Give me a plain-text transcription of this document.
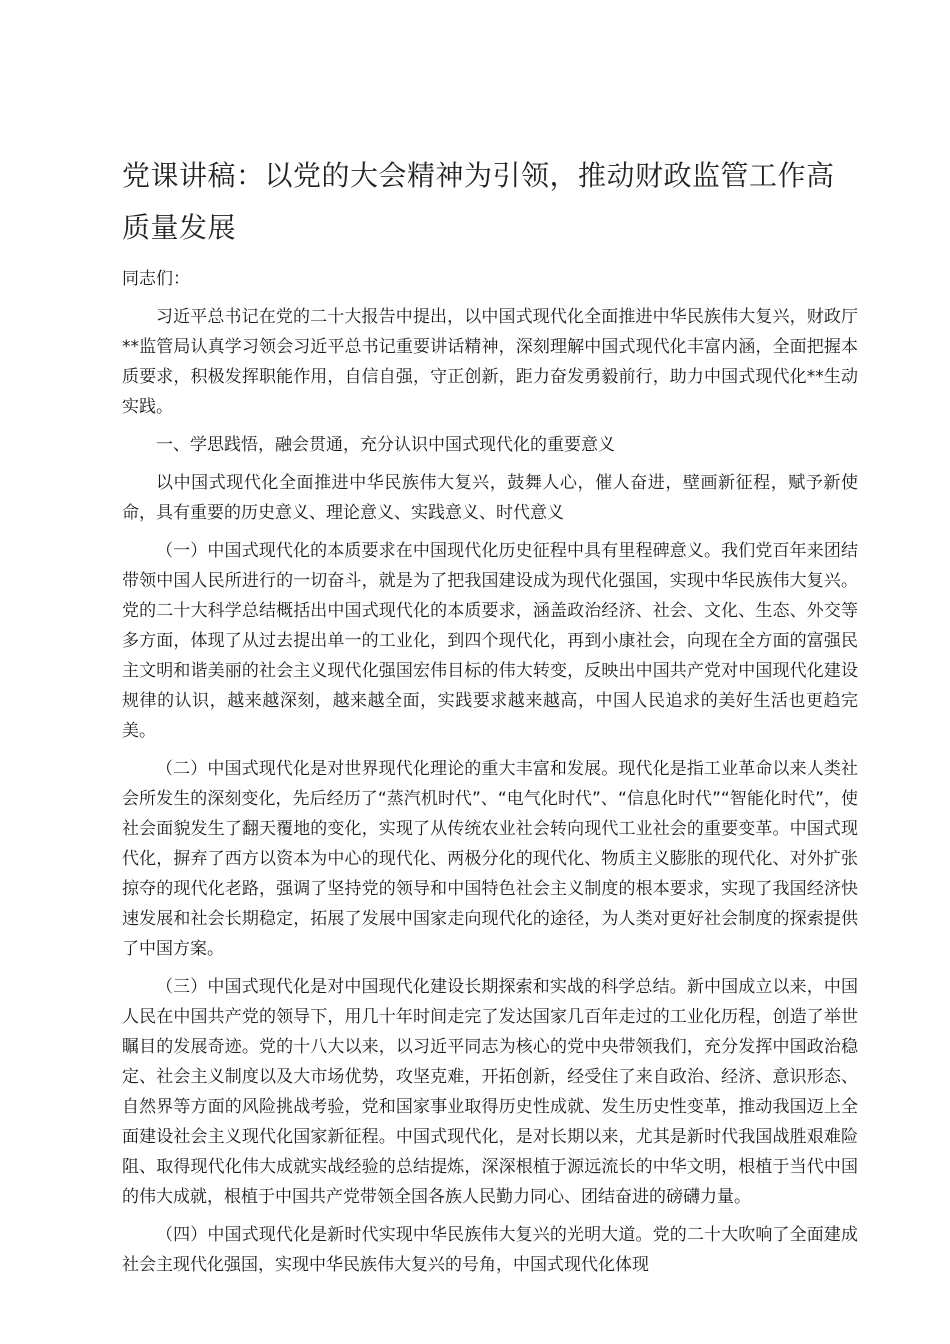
党课讲稿：以党的大会精神为引领，推动财政监管工作高质量发展

同志们：

习近平总书记在党的二十大报告中提出，以中国式现代化全面推进中华民族伟大复兴，财政厅**监管局认真学习领会习近平总书记重要讲话精神，深刻理解中国式现代化丰富内涵，全面把握本质要求，积极发挥职能作用，自信自强，守正创新，距力奋发勇毅前行，助力中国式现代化**生动实践。

一、学思践悟，融会贯通，充分认识中国式现代化的重要意义

以中国式现代化全面推进中华民族伟大复兴，鼓舞人心，催人奋进，壁画新征程，赋予新使命，具有重要的历史意义、理论意义、实践意义、时代意义

（一）中国式现代化的本质要求在中国现代化历史征程中具有里程碑意义。我们党百年来团结带领中国人民所进行的一切奋斗，就是为了把我国建设成为现代化强国，实现中华民族伟大复兴。党的二十大科学总结概括出中国式现代化的本质要求，涵盖政治经济、社会、文化、生态、外交等多方面，体现了从过去提出单一的工业化，到四个现代化，再到小康社会，向现在全方面的富强民主文明和谐美丽的社会主义现代化强国宏伟目标的伟大转变，反映出中国共产党对中国现代化建设规律的认识，越来越深刻，越来越全面，实践要求越来越高，中国人民追求的美好生活也更趋完美。

（二）中国式现代化是对世界现代化理论的重大丰富和发展。现代化是指工业革命以来人类社会所发生的深刻变化，先后经历了“蒸汽机时代”、“电气化时代”、“信息化时代”“智能化时代”，使社会面貌发生了翻天覆地的变化，实现了从传统农业社会转向现代工业社会的重要变革。中国式现代化，摒弃了西方以资本为中心的现代化、两极分化的现代化、物质主义膨胀的现代化、对外扩张掠夺的现代化老路，强调了坚持党的领导和中国特色社会主义制度的根本要求，实现了我国经济快速发展和社会长期稳定，拓展了发展中国家走向现代化的途径，为人类对更好社会制度的探索提供了中国方案。

（三）中国式现代化是对中国现代化建设长期探索和实战的科学总结。新中国成立以来，中国人民在中国共产党的领导下，用几十年时间走完了发达国家几百年走过的工业化历程，创造了举世瞩目的发展奇迹。党的十八大以来，以习近平同志为核心的党中央带领我们，充分发挥中国政治稳定、社会主义制度以及大市场优势，攻坚克难，开拓创新，经受住了来自政治、经济、意识形态、自然界等方面的风险挑战考验，党和国家事业取得历史性成就、发生历史性变革，推动我国迈上全面建设社会主义现代化国家新征程。中国式现代化，是对长期以来，尤其是新时代我国战胜艰难险阻、取得现代化伟大成就实战经验的总结提炼，深深根植于源远流长的中华文明，根植于当代中国的伟大成就，根植于中国共产党带领全国各族人民勤力同心、团结奋进的磅礴力量。

（四）中国式现代化是新时代实现中华民族伟大复兴的光明大道。党的二十大吹响了全面建成社会主现代化强国，实现中华民族伟大复兴的号角，中国式现代化体现
